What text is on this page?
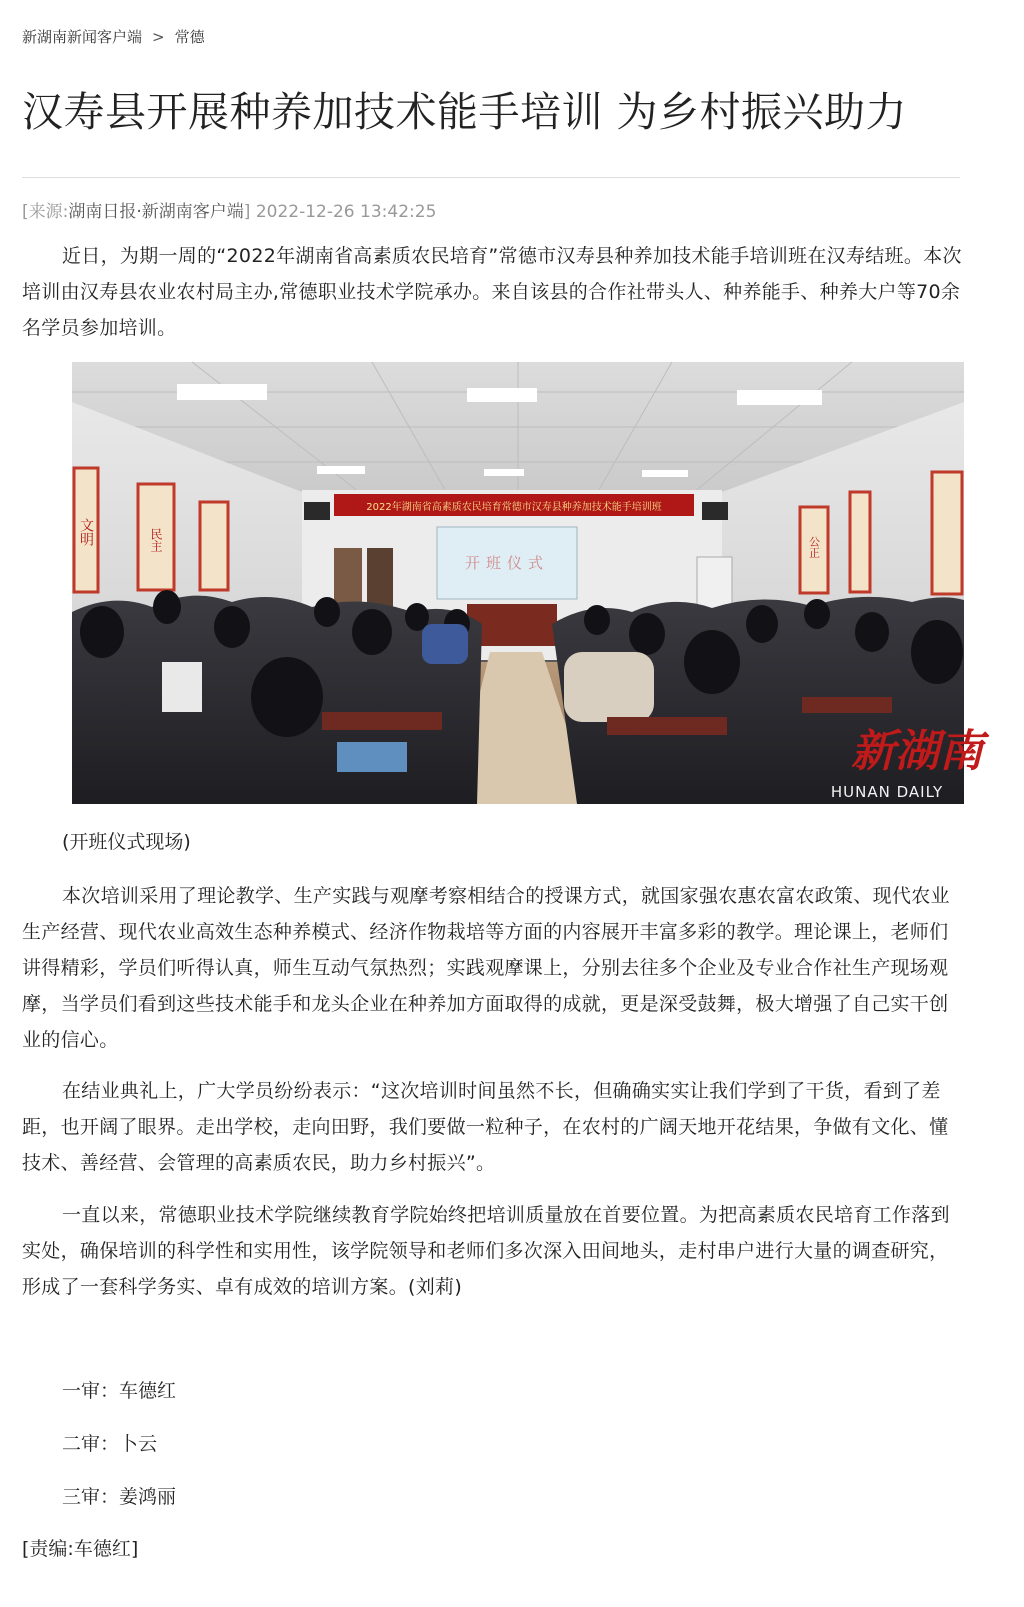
新湖南新闻客户端 > 常德
汉寿县开展种养加技术能手培训 为乡村振兴助力
[来源:湖南日报·新湖南客户端] 2022-12-26 13:42:25

近日，为期一周的“2022年湖南省高素质农民培育”常德市汉寿县种养加技术能手培训班在汉寿结班。本次培训由汉寿县农业农村局主办,常德职业技术学院承办。来自该县的合作社带头人、种养能手、种养大户等70余名学员参加培训。

2022年湖南省高素质农民培育常德市汉寿县种养加技术能手培训班
开班仪式
文明	民主	公正
新湖南
HUNAN DAILY
(开班仪式现场)

本次培训采用了理论教学、生产实践与观摩考察相结合的授课方式，就国家强农惠农富农政策、现代农业生产经营、现代农业高效生态种养模式、经济作物栽培等方面的内容展开丰富多彩的教学。理论课上，老师们讲得精彩，学员们听得认真，师生互动气氛热烈；实践观摩课上，分别去往多个企业及专业合作社生产现场观摩，当学员们看到这些技术能手和龙头企业在种养加方面取得的成就，更是深受鼓舞，极大增强了自己实干创业的信心。

在结业典礼上，广大学员纷纷表示：“这次培训时间虽然不长，但确确实实让我们学到了干货，看到了差距，也开阔了眼界。走出学校，走向田野，我们要做一粒种子，在农村的广阔天地开花结果，争做有文化、懂技术、善经营、会管理的高素质农民，助力乡村振兴”。

一直以来，常德职业技术学院继续教育学院始终把培训质量放在首要位置。为把高素质农民培育工作落到实处，确保培训的科学性和实用性，该学院领导和老师们多次深入田间地头，走村串户进行大量的调查研究，形成了一套科学务实、卓有成效的培训方案。(刘莉)

一审：车德红
二审：卜云
三审：姜鸿丽
[责编:车德红]
